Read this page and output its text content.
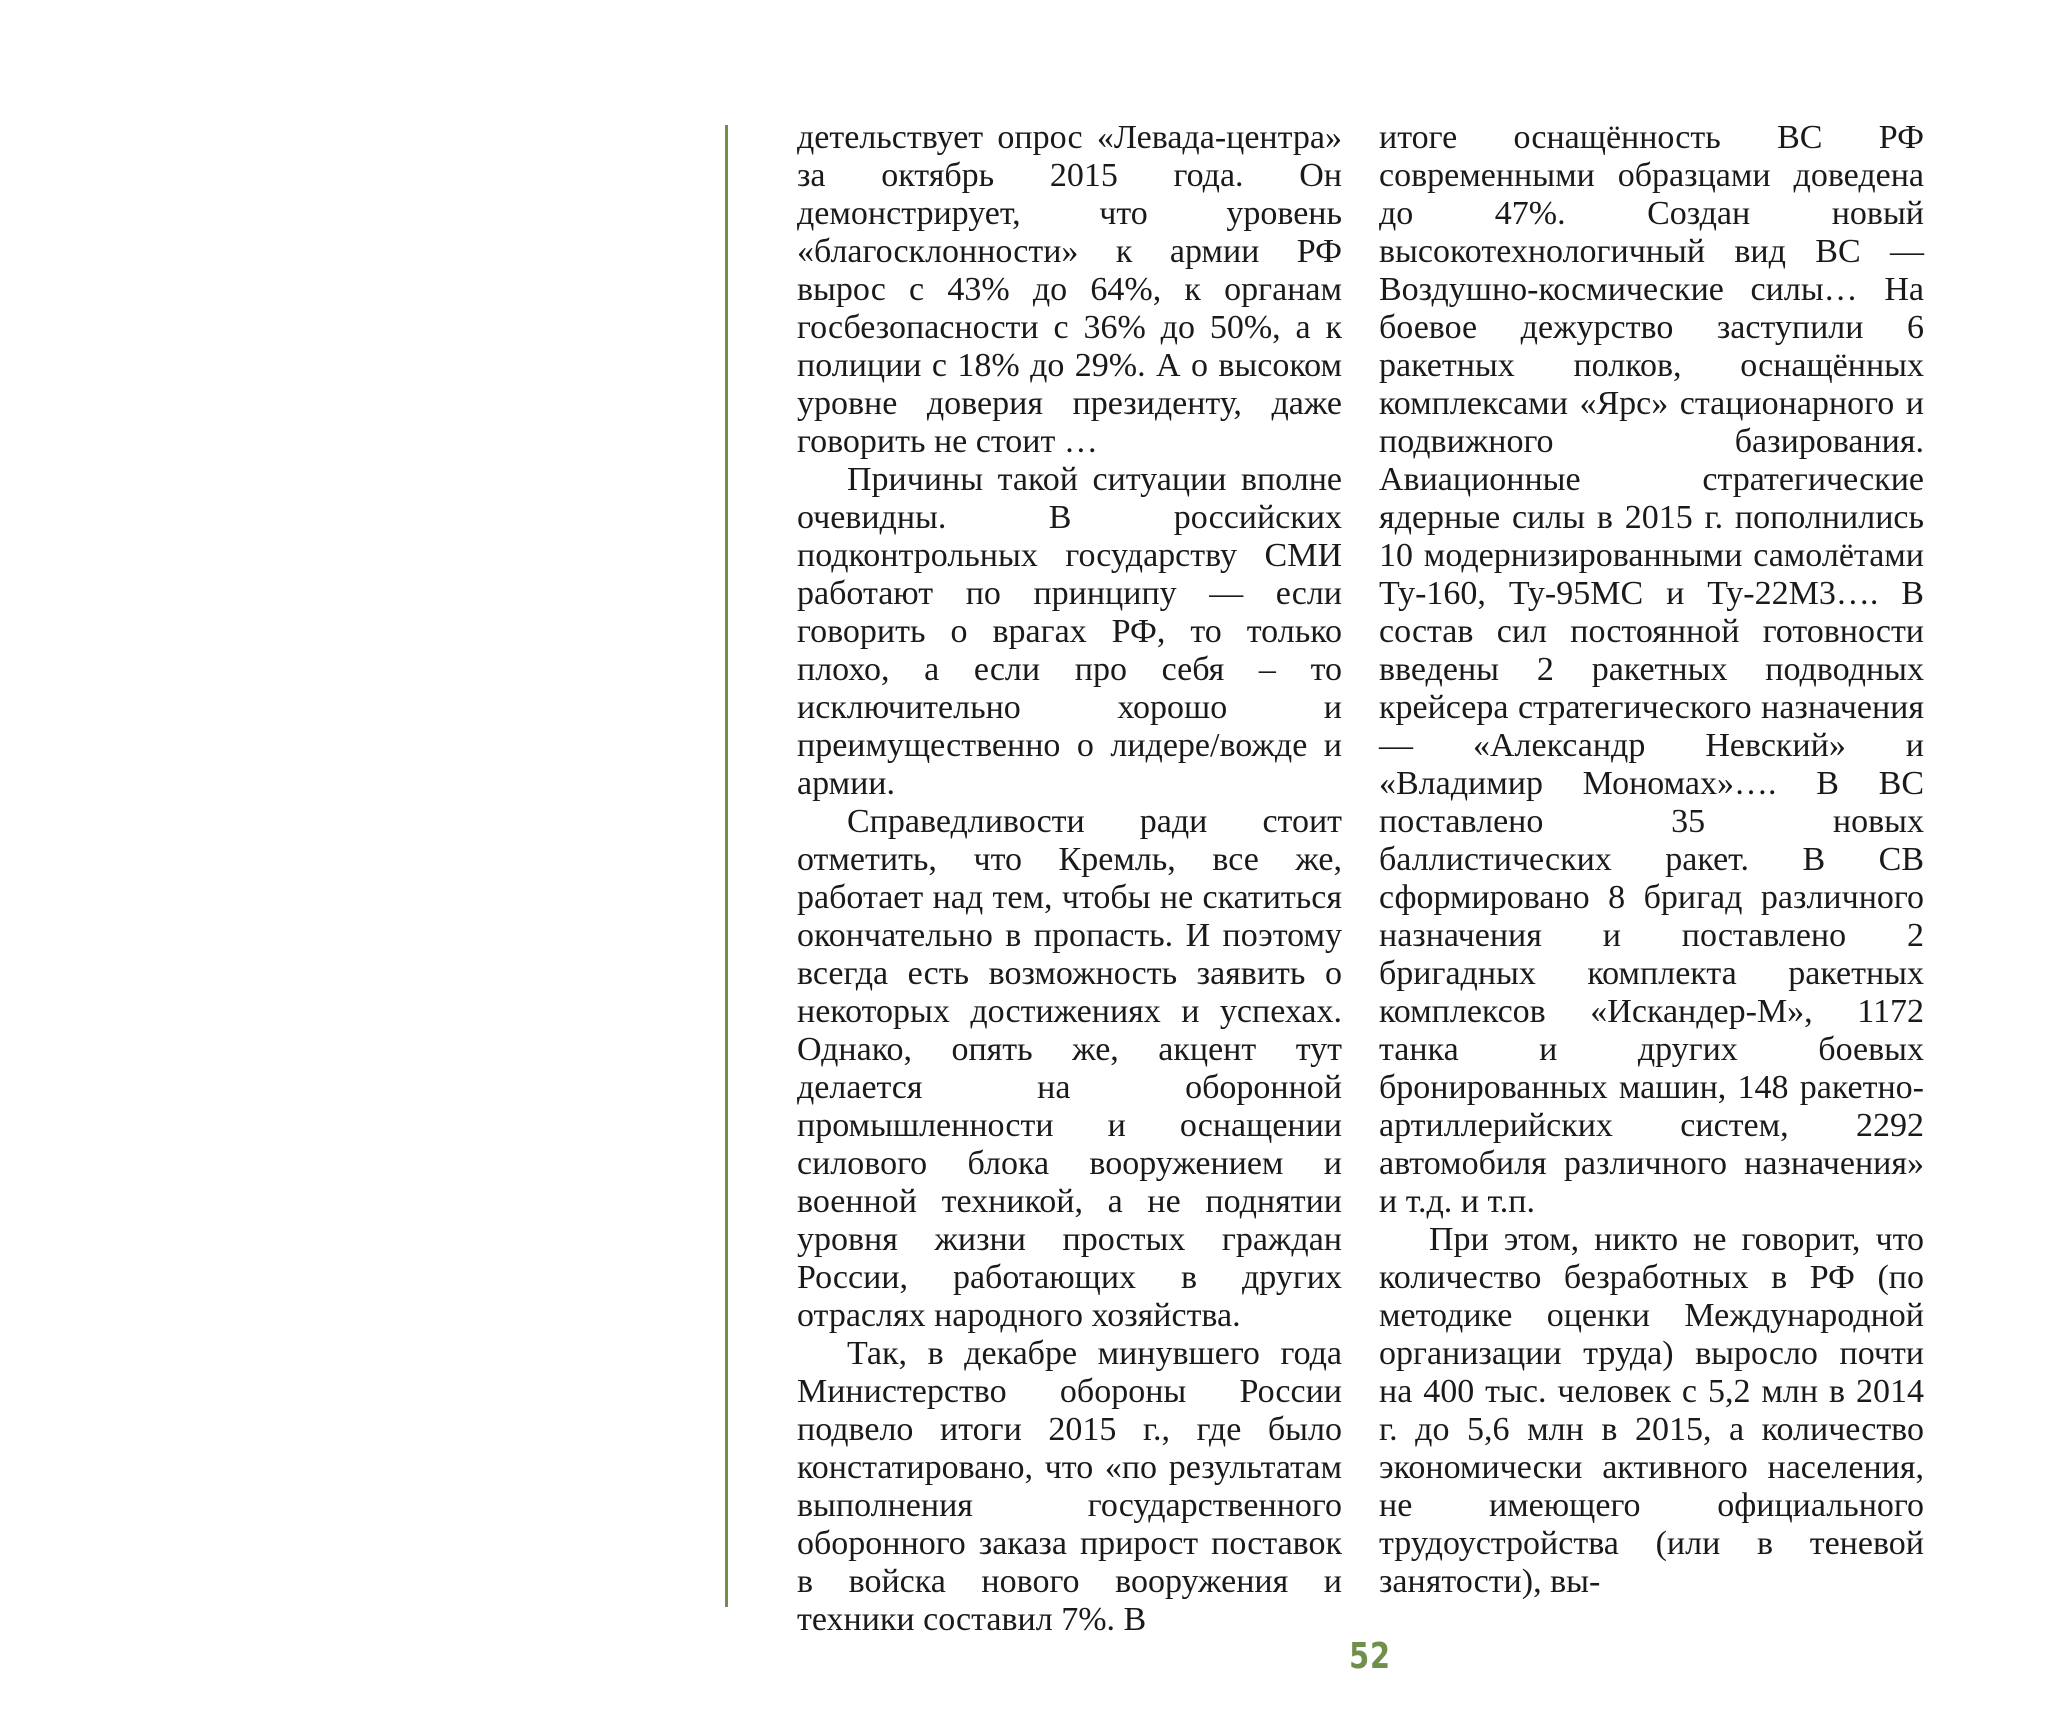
детельствует опрос «Левада-центра» за октябрь 2015 года. Он демонстрирует, что уровень «благосклонности» к армии РФ вырос с 43% до 64%, к органам госбезопасности с 36% до 50%, а к полиции с 18% до 29%. А о высоком уровне доверия президенту, даже говорить не стоит …

Причины такой ситуации вполне очевидны. В российских подконтрольных государству СМИ работают по принципу — если говорить о врагах РФ, то только плохо, а если про себя – то исключительно хорошо и преимущественно о лидере/вожде и армии.

Справедливости ради стоит отметить, что Кремль, все же, работает над тем, чтобы не скатиться окончательно в пропасть. И поэтому всегда есть возможность заявить о некоторых достижениях и успехах. Однако, опять же, акцент тут делается на оборонной промышленности и оснащении силового блока вооружением и военной техникой, а не поднятии уровня жизни простых граждан России, работающих в других отраслях народного хозяйства.

Так, в декабре минувшего года Министерство обороны России подвело итоги 2015 г., где было констатировано, что «по результатам выполнения государственного оборонного заказа прирост поставок в войска нового вооружения и техники составил 7%. В

итоге оснащённость ВС РФ современными образцами доведена до 47%. Создан новый высокотехнологичный вид ВС — Воздушно-космические силы… На боевое дежурство заступили 6 ракетных полков, оснащённых комплексами «Ярс» стационарного и подвижного базирования. Авиационные стратегические ядерные силы в 2015 г. пополнились 10 модернизированными самолётами Ту-160, Ту-95МС и Ту-22М3…. В состав сил постоянной готовности введены 2 ракетных подводных крейсера стратегического назначения — «Александр Невский» и «Владимир Мономах»…. В ВС поставлено 35 новых баллистических ракет. В СВ сформировано 8 бригад различного назначения и поставлено 2 бригадных комплекта ракетных комплексов «Искандер-М», 1172 танка и других боевых бронированных машин, 148 ракетно-артиллерийских систем, 2292 автомобиля различного назначения» и т.д. и т.п.

При этом, никто не говорит, что количество безработных в РФ (по методике оценки Международной организации труда) выросло почти на 400 тыс. человек с 5,2 млн в 2014 г. до 5,6 млн в 2015, а количество экономически активного населения, не имеющего официального трудоустройства (или в теневой занятости), вы-

52
